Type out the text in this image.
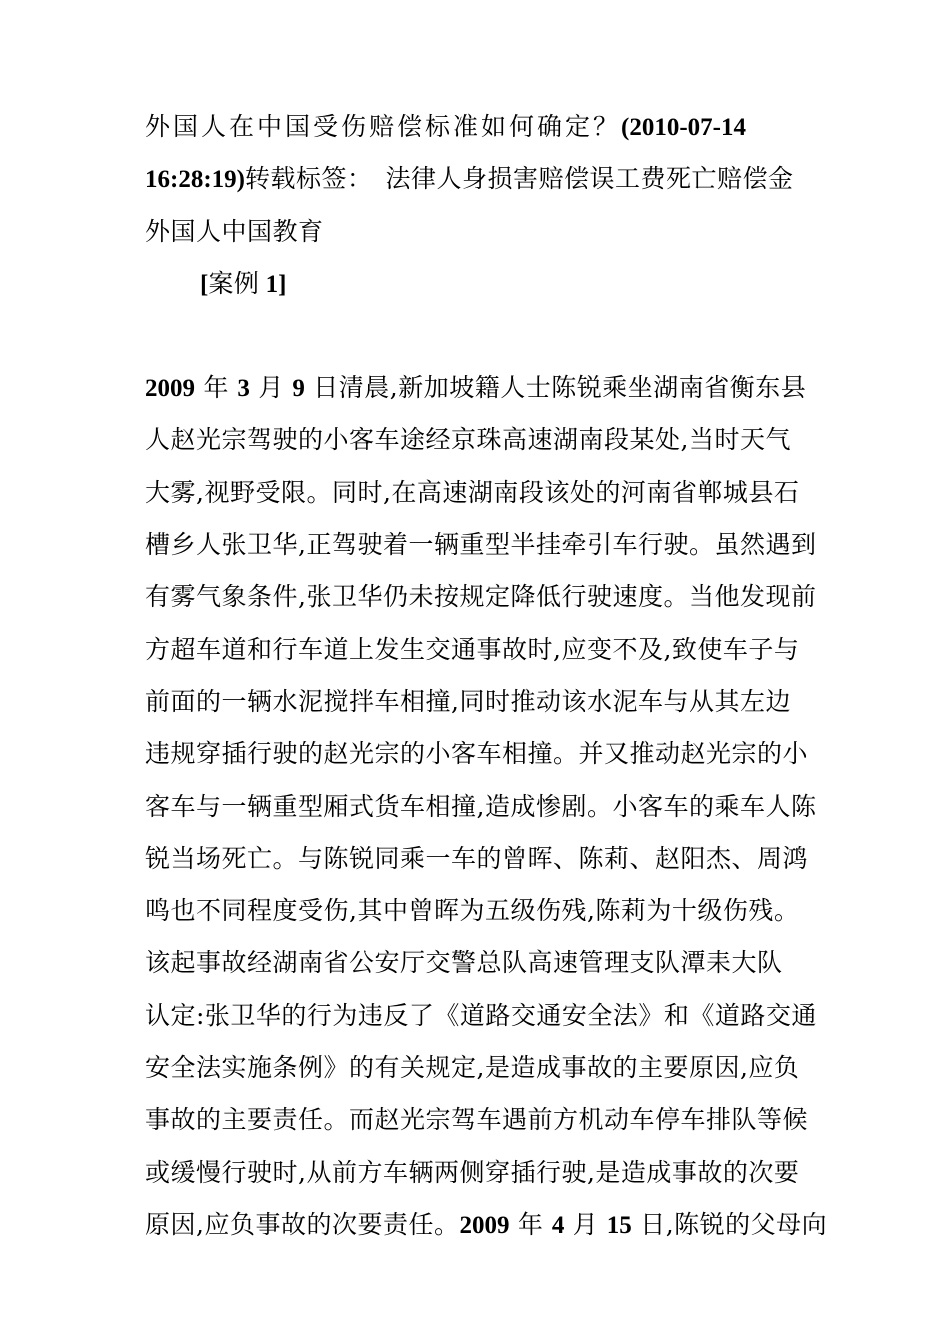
外国人在中国受伤赔偿标准如何确定？(2010-07-14
16:28:19)转载标签：　法律人身损害赔偿误工费死亡赔偿金
外国人中国教育
[案例 1]
2009 年 3 月 9 日清晨,新加坡籍人士陈锐乘坐湖南省衡东县
人赵光宗驾驶的小客车途经京珠高速湖南段某处,当时天气
大雾,视野受限。同时,在高速湖南段该处的河南省郸城县石
槽乡人张卫华,正驾驶着一辆重型半挂牵引车行驶。虽然遇到
有雾气象条件,张卫华仍未按规定降低行驶速度。当他发现前
方超车道和行车道上发生交通事故时,应变不及,致使车子与
前面的一辆水泥搅拌车相撞,同时推动该水泥车与从其左边
违规穿插行驶的赵光宗的小客车相撞。并又推动赵光宗的小
客车与一辆重型厢式货车相撞,造成惨剧。小客车的乘车人陈
锐当场死亡。与陈锐同乘一车的曾晖、陈莉、赵阳杰、周鸿
鸣也不同程度受伤,其中曾晖为五级伤残,陈莉为十级伤残。
该起事故经湖南省公安厅交警总队高速管理支队潭耒大队
认定:张卫华的行为违反了《道路交通安全法》和《道路交通
安全法实施条例》的有关规定,是造成事故的主要原因,应负
事故的主要责任。而赵光宗驾车遇前方机动车停车排队等候
或缓慢行驶时,从前方车辆两侧穿插行驶,是造成事故的次要
原因,应负事故的次要责任。2009 年 4 月 15 日,陈锐的父母向
